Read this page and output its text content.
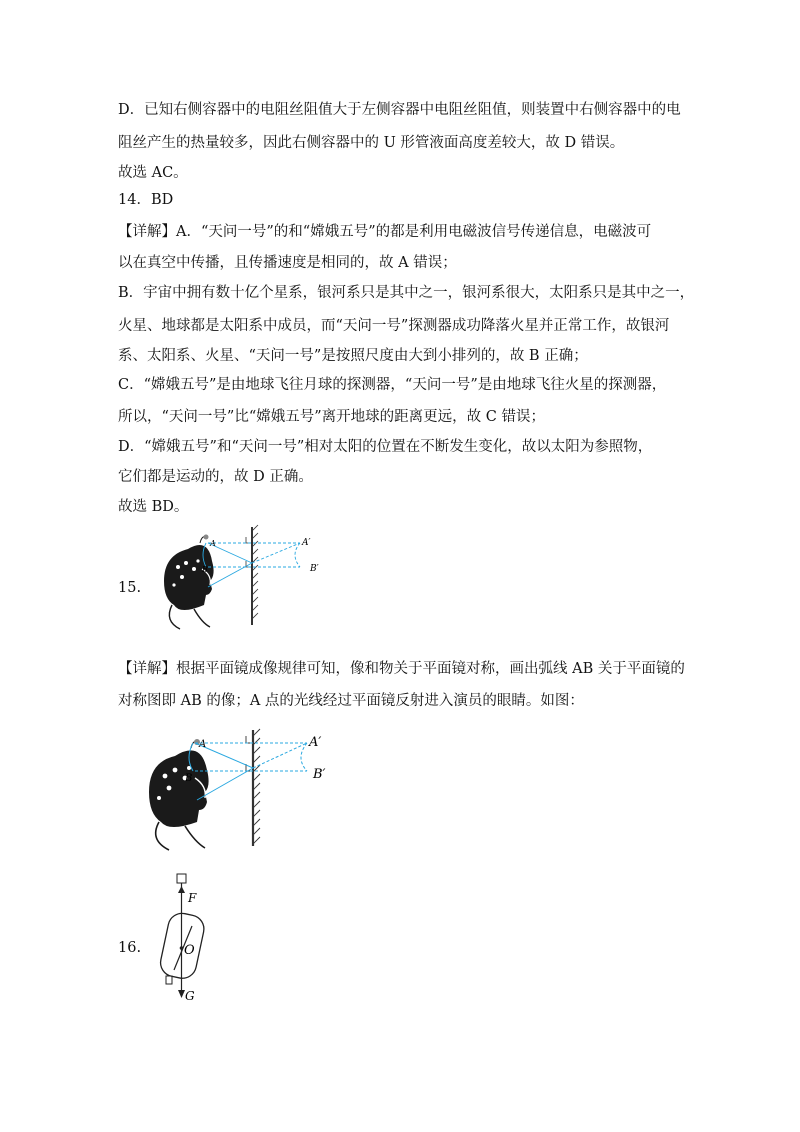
D．已知右侧容器中的电阻丝阻值大于左侧容器中电阻丝阻值，则装置中右侧容器中的电
阻丝产生的热量较多，因此右侧容器中的 U 形管液面高度差较大，故 D 错误。
故选 AC。
14．BD
【详解】A．“天问一号”的和“嫦娥五号”的都是利用电磁波信号传递信息，电磁波可
以在真空中传播，且传播速度是相同的，故 A 错误；
B．宇宙中拥有数十亿个星系，银河系只是其中之一，银河系很大，太阳系只是其中之一，
火星、地球都是太阳系中成员，而“天问一号”探测器成功降落火星并正常工作，故银河
系、太阳系、火星、“天问一号”是按照尺度由大到小排列的，故 B 正确；
C．“嫦娥五号”是由地球飞往月球的探测器，“天问一号”是由地球飞往火星的探测器，
所以，“天问一号”比“嫦娥五号”离开地球的距离更远，故 C 错误；
D．“嫦娥五号”和“天问一号”相对太阳的位置在不断发生变化，故以太阳为参照物，
它们都是运动的，故 D 正确。
故选 BD。
15.
A
B
A′
B′
【详解】根据平面镜成像规律可知，像和物关于平面镜对称，画出弧线 AB 关于平面镜的
对称图即 AB 的像；A 点的光线经过平面镜反射进入演员的眼睛。如图：
A
B
A′
B′
16.
F
O
G
